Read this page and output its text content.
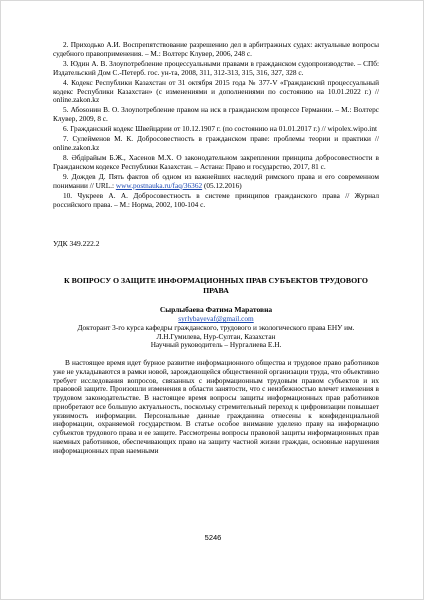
2. Приходько А.И. Воспрепятствование разрешению дел в арбитражных судах: актуальные вопросы судебного правоприменения. – М.: Волтерс Клувер, 2006, 248 с.

3. Юдин А. В. Злоупотребление процессуальными правами в гражданском судопроизводстве. – СПб: Издательский Дом С.-Петерб. гос. ун-та, 2008, 311, 312-313, 315, 316, 327, 328 с.

4. Кодекс Республики Казахстан от 31 октября 2015 года № 377-V «Гражданский процессуальный кодекс Республики Казахстан» (с изменениями и дополнениями по состоянию на 10.01.2022 г.) // online.zakon.kz

5. Абоsонин В. О. Злоупотребление правом на иск в гражданском процессе Германии. – М.: Волтерс Клувер, 2009, 8 с.

6. Гражданский кодекс Швейцарии от 10.12.1907 г. (по состоянию на 01.01.2017 г.) // wipolex.wipo.int

7. Сулейменов М. К. Добросовестность в гражданском праве: проблемы теории и практики // online.zakon.kz

8. Әбдірайым Б.Ж., Хасенов М.Х. О законодательном закреплении принципа добросовестности в Гражданском кодексе Республики Казахстан. – Астана: Право и государство, 2017, 81 с.

9. Дождев Д. Пять фактов об одном из важнейших наследий римского права и его современном понимании // URL.: www.postnauka.ru/faq/36362 (05.12.2016)

10. Чукреев А. А. Добросовестность в системе принципов гражданского права // Журнал российского права. – М.: Норма, 2002, 100-104 с.

УДК 349.222.2
К ВОПРОСУ О ЗАЩИТЕ ИНФОРМАЦИОННЫХ ПРАВ СУБЪЕКТОВ ТРУДОВОГО ПРАВА
Сырлыбаева Фатима Маратовна
syrlybayevaf@gmail.com
Докторант 3-го курса кафедры гражданского, трудового и экологического права ЕНУ им. Л.Н.Гумилева, Нур-Султан, Казахстан
Научный руководитель – Нургалиева Е.Н.

В настоящее время идет бурное развитие информационного общества и трудовое право работников уже не укладываются в рамки новой, зарождающейся общественной организации труда, что объективно требует исследования вопросов, связанных с информационным трудовым правом субъектов и их правовой защите. Произошли изменения в области занятости, что с неизбежностью влечет изменения в трудовом законодательстве. В настоящее время вопросы защиты информационных прав работников приобретают все большую актуальность, поскольку стремительный переход к цифровизации повышает уязвимость информации. Персональные данные гражданина отнесены к конфиденциальной информации, охраняемой государством. В статье особое внимание уделено праву на информацию субъектов трудового права и ее защите. Рассмотрены вопросы правовой защиты информационных прав наемных работников, обеспечивающих право на защиту частной жизни граждан, основные нарушения информационных прав наемными

5246
